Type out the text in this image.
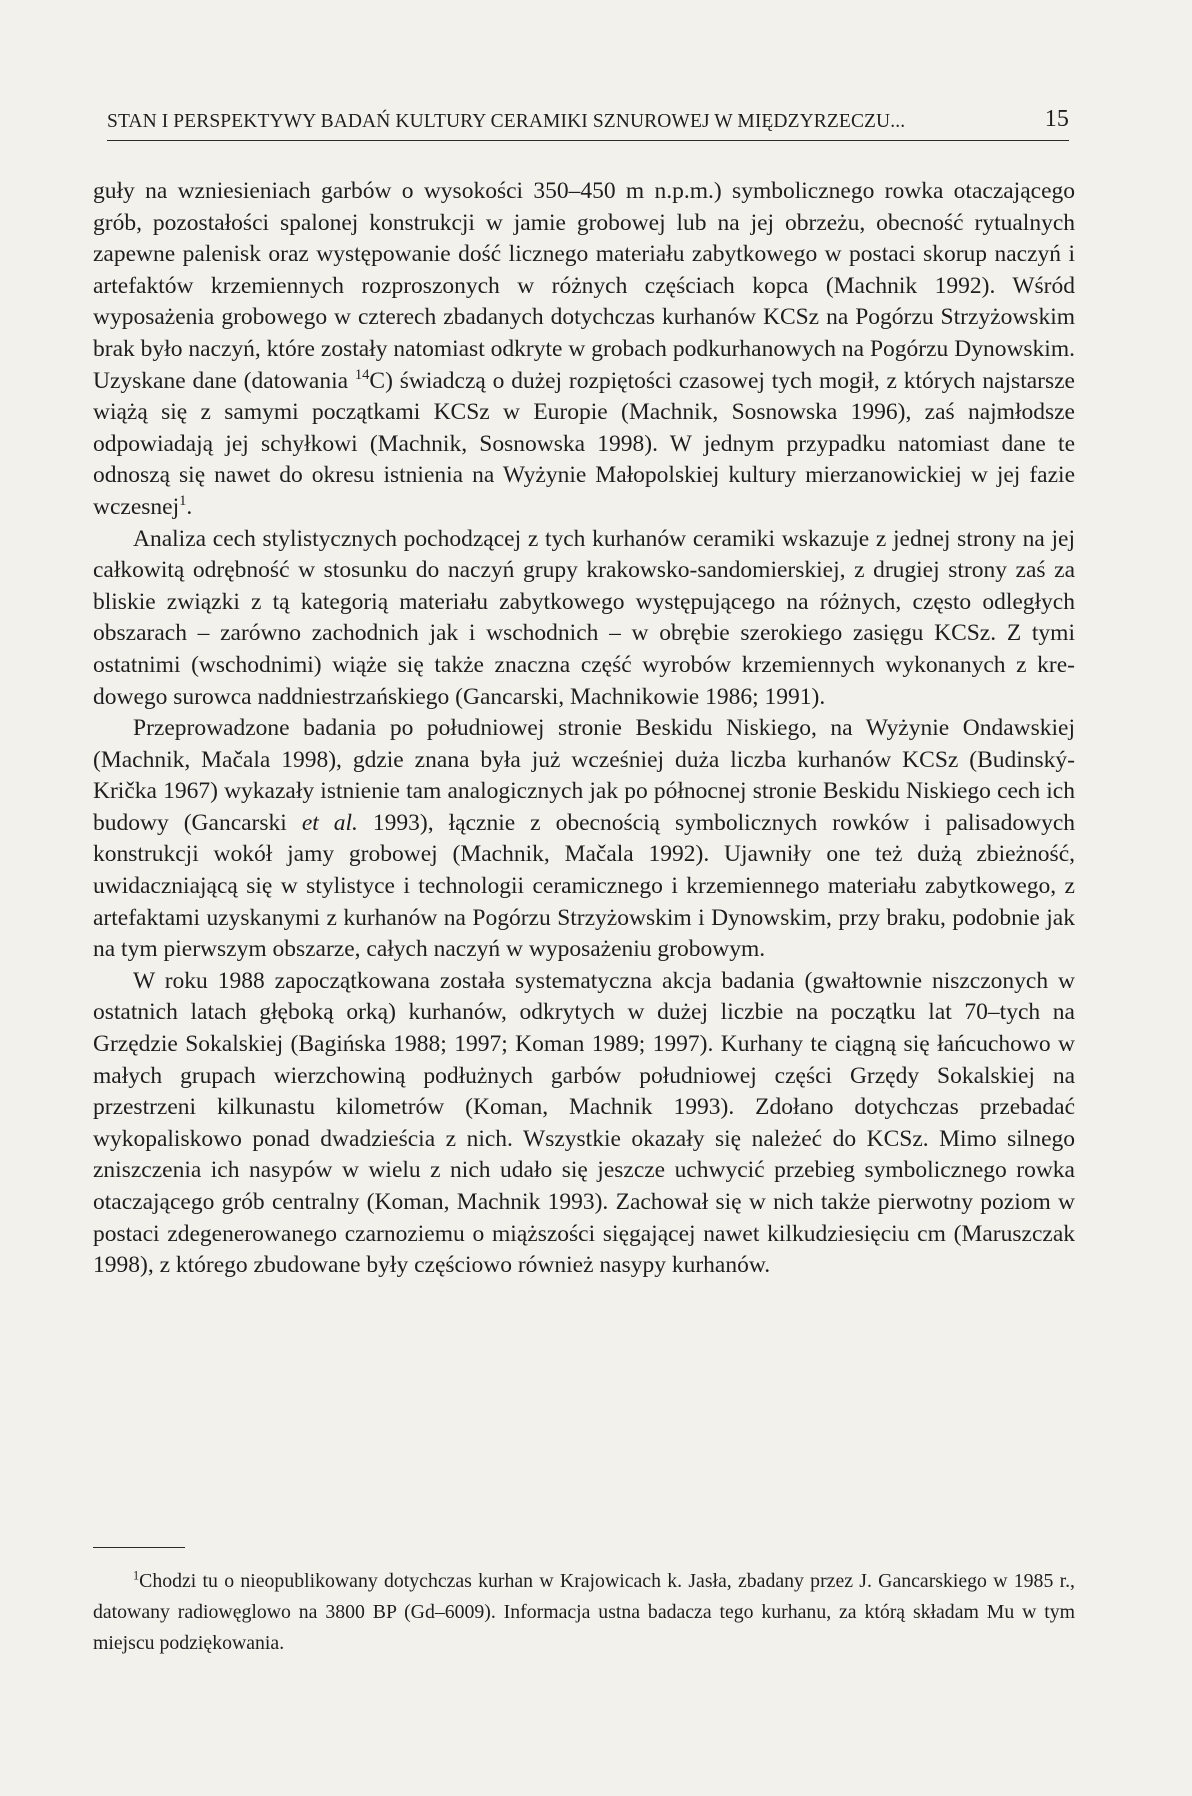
STAN I PERSPEKTYWY BADAŃ KULTURY CERAMIKI SZNUROWEJ W MIĘDZYRZECZU...	15

guły na wzniesieniach garbów o wysokości 350–450 m n.p.m.) symbolicznego rowka otaczającego grób, pozostałości spalonej konstrukcji w jamie grobowej lub na jej obrzeżu, obecność rytualnych zapewne palenisk oraz występowanie dość licznego materiału zabytkowego w postaci skorup naczyń i artefaktów krzemiennych rozproszonych w różnych częściach kopca (Machnik 1992). Wśród wyposażenia grobowego w czterech zbadanych dotychczas kurhanów KCSz na Pogórzu Strzyżowskim brak było naczyń, które zostały natomiast odkryte w grobach podkurhanowych na Pogórzu Dynowskim. Uzyskane dane (datowania $^{14}$C) świadczą o dużej rozpiętości czasowej tych mogił, z których najstarsze wiążą się z samymi początkami KCSz w Europie (Machnik, Sosnowska 1996), zaś najmłodsze odpowiadają jej schyłkowi (Machnik, Sosnowska 1998). W jednym przypadku natomiast dane te odnoszą się nawet do okresu istnienia na Wyżynie Małopolskiej kultury mierzanowickiej w jej fazie wczesnej$^1$.

Analiza cech stylistycznych pochodzącej z tych kurhanów ceramiki wskazuje z jednej strony na jej całkowitą odrębność w stosunku do naczyń grupy krakowsko-sandomierskiej, z drugiej strony zaś za bliskie związki z tą kategorią materiału zabytkowego występującego na różnych, często odległych obszarach – zarówno zachodnich jak i wschodnich – w obrębie szerokiego zasięgu KCSz. Z tymi ostatnimi (wschodnimi) wiąże się także znaczna część wyrobów krzemiennych wykonanych z kredowego surowca naddniestrzańskiego (Gancarski, Machnikowie 1986; 1991).

Przeprowadzone badania po południowej stronie Beskidu Niskiego, na Wyżynie Ondawskiej (Machnik, Mačala 1998), gdzie znana była już wcześniej duża liczba kurhanów KCSz (Budinský-Krička 1967) wykazały istnienie tam analogicznych jak po północnej stronie Beskidu Niskiego cech ich budowy (Gancarski et al. 1993), łącznie z obecnością symbolicznych rowków i palisadowych konstrukcji wokół jamy grobowej (Machnik, Mačala 1992). Ujawniły one też dużą zbieżność, uwidaczniającą się w stylistyce i technologii ceramicznego i krzemiennego materiału zabytkowego, z artefaktami uzyskanymi z kurhanów na Pogórzu Strzyżowskim i Dynowskim, przy braku, podobnie jak na tym pierwszym obszarze, całych naczyń w wyposażeniu grobowym.

W roku 1988 zapoczątkowana została systematyczna akcja badania (gwałtownie niszczonych w ostatnich latach głęboką orką) kurhanów, odkrytych w dużej liczbie na początku lat 70–tych na Grzędzie Sokalskiej (Bagińska 1988; 1997; Koman 1989; 1997). Kurhany te ciągną się łańcuchowo w małych grupach wierzchowiną podłużnych garbów południowej części Grzędy Sokalskiej na przestrzeni kilkunastu kilometrów (Koman, Machnik 1993). Zdołano dotychczas przebadać wykopaliskowo ponad dwadzieścia z nich. Wszystkie okazały się należeć do KCSz. Mimo silnego zniszczenia ich nasypów w wielu z nich udało się jeszcze uchwycić przebieg symbolicznego rowka otaczającego grób centralny (Koman, Machnik 1993). Zachował się w nich także pierwotny poziom w postaci zdegenerowanego czarnoziemu o miąższości sięgającej nawet kilkudziesięciu cm (Maruszczak 1998), z którego zbudowane były częściowo również nasypy kurhanów.

$^1$Chodzi tu o nieopublikowany dotychczas kurhan w Krajowicach k. Jasła, zbadany przez J. Gancarskiego w 1985 r., datowany radiowęglowo na 3800 BP (Gd–6009). Informacja ustna badacza tego kurhanu, za którą składam Mu w tym miejscu podziękowania.
